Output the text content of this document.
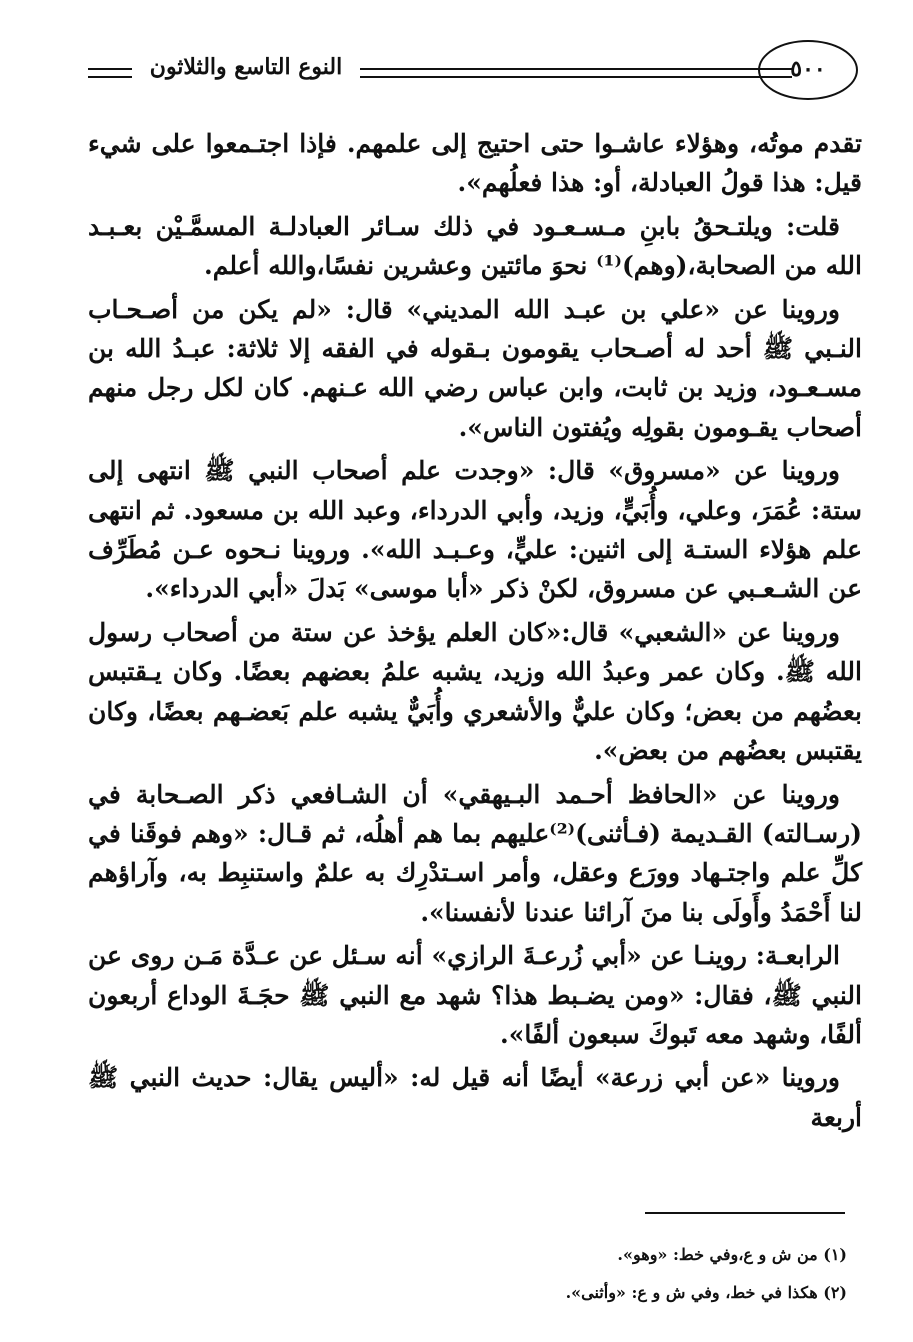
النوع التاسع والثلاثون	٥٠٠

تقدم موتُه، وهؤلاء عاشـوا حتى احتيج إلى علمهم. فإذا اجتـمعوا على شيء قيل: هذا قولُ العبادلة، أو: هذا فعلُهم».

قلت: ويلتـحقُ بابنِ مـسـعـود في ذلك سـائر العبادلـة المسمَّـيْن بعـبـد الله من الصحابة،(وهم)⁽¹⁾ نحوَ مائتين وعشرين نفسًا،والله أعلم.

وروينا عن «علي بن عبـد الله المديني» قال: «لم يكن من أصـحـاب النـبي ﷺ أحد له أصـحاب يقومون بـقوله في الفقه إلا ثلاثة: عبـدُ الله بن مسـعـود، وزيد بن ثابت، وابن عباس رضي الله عـنهم. كان لكل رجل منهم أصحاب يقـومون بقولِه ويُفتون الناس».

وروينا عن «مسروق» قال: «وجدت علم أصحاب النبي ﷺ انتهى إلى ستة: عُمَرَ، وعلي، وأُبَيٍّ، وزيد، وأبي الدرداء، وعبد الله بن مسعود. ثم انتهى علم هؤلاء الستـة إلى اثنين: عليٍّ، وعـبـد الله». وروينا نـحوه عـن مُطَرِّف عن الشـعـبي عن مسروق، لكنْ ذكر «أبا موسى» بَدلَ «أبي الدرداء».

وروينا عن «الشعبي» قال:«كان العلم يؤخذ عن ستة من أصحاب رسول الله ﷺ. وكان عمر وعبدُ الله وزيد، يشبه علمُ بعضهم بعضًا. وكان يـقتبس بعضُهم من بعض؛ وكان عليٌّ والأشعري وأُبَيٌّ يشبه علم بَعضـهم بعضًا، وكان يقتبس بعضُهم من بعض».

وروينا عن «الحافظ أحـمد البـيهقي» أن الشـافعي ذكر الصـحابة في (رسـالته) القـديمة (فـأثنى)⁽²⁾عليهم بما هم أهلُه، ثم قـال: «وهم فوقَنا في كلِّ علم واجتـهاد وورَع وعقل، وأمر اسـتدْرِك به علمٌ واستنبِط به، وآراؤهم لنا أَحْمَدُ وأَولَى بنا منَ آرائنا عندنا لأنفسنا».

الرابعـة: روينـا عن «أبي زُرعـةَ الرازي» أنه سـئل عن عـدَّة مَـن روى عن النبي ﷺ، فقال: «ومن يضـبط هذا؟ شهد مع النبي ﷺ حجَـةَ الوداع أربعون ألفًا، وشهد معه تَبوكَ سبعون ألفًا».

وروينا «عن أبي زرعة» أيضًا أنه قيل له: «أليس يقال: حديث النبي ﷺ أربعة

(١) من ش و ع،وفي خط: «وهو».
(٢) هكذا في خط، وفي ش و ع: «وأثنى».
